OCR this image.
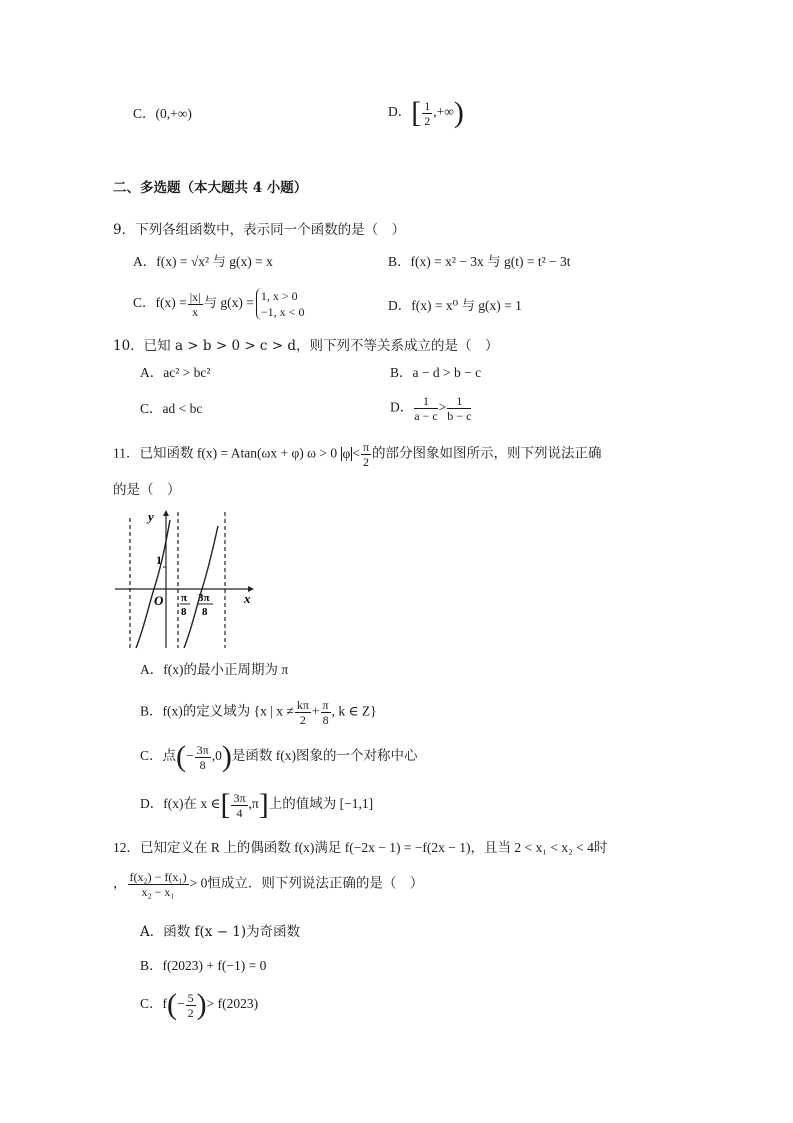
C．(0,+∞)	D．[ $\frac{1}{2}$ ,+∞)
二、多选题（本大题共 4 小题）
9．下列各组函数中，表示同一个函数的是（　）
A．f(x) = √x² 与 g(x) = x	B．f(x) = x² − 3x 与 g(t) = t² − 3t
C．$f(x) = \frac{|x|}{x}$ 与 g(x) = 1, x > 0
−1, x < 0	D．f(x) = x⁰ 与 g(x) = 1
10．已知 a > b > 0 > c > d，则下列不等关系成立的是（　）
A．ac² > bc²	B．a − d > b − c
C．ad < bc	D． $\frac{1}{a - c} > \frac{1}{b - c}$
11．已知函数 f(x) = Atan(ωx + φ) ω > 0 $\varphi < \frac{\pi}{2}$ 的部分图象如图所示，则下列说法正确
的是（　）
y
x
O
1
π
8
3π
8
A．f(x)的最小正周期为 π
B．f(x)的定义域为 {x | $x \ne \frac{k\pi}{2} + \frac{\pi}{8}$ , k ∈ Z}
C．点(− $\frac{3\pi}{8} ,0$)是函数 f(x)图象的一个对称中心
D．f(x)在 x ∈[ $\frac{3\pi}{4} ,\pi$]上的值域为 [−1,1]
12．已知定义在 R 上的偶函数 f(x)满足 f(−2x − 1) = −f(2x − 1)，且当 2 < x₁ < x₂ < 4时
， $\frac{\text{f(x₂) − f(x₁)}}{\text{x₂ − x₁}} > 0$恒成立．则下列说法正确的是（　）
A．函数 f(x − 1)为奇函数
B．f(2023) + f(−1) = 0
C．$f(- \frac{5}{2}$ )> f(2023)
